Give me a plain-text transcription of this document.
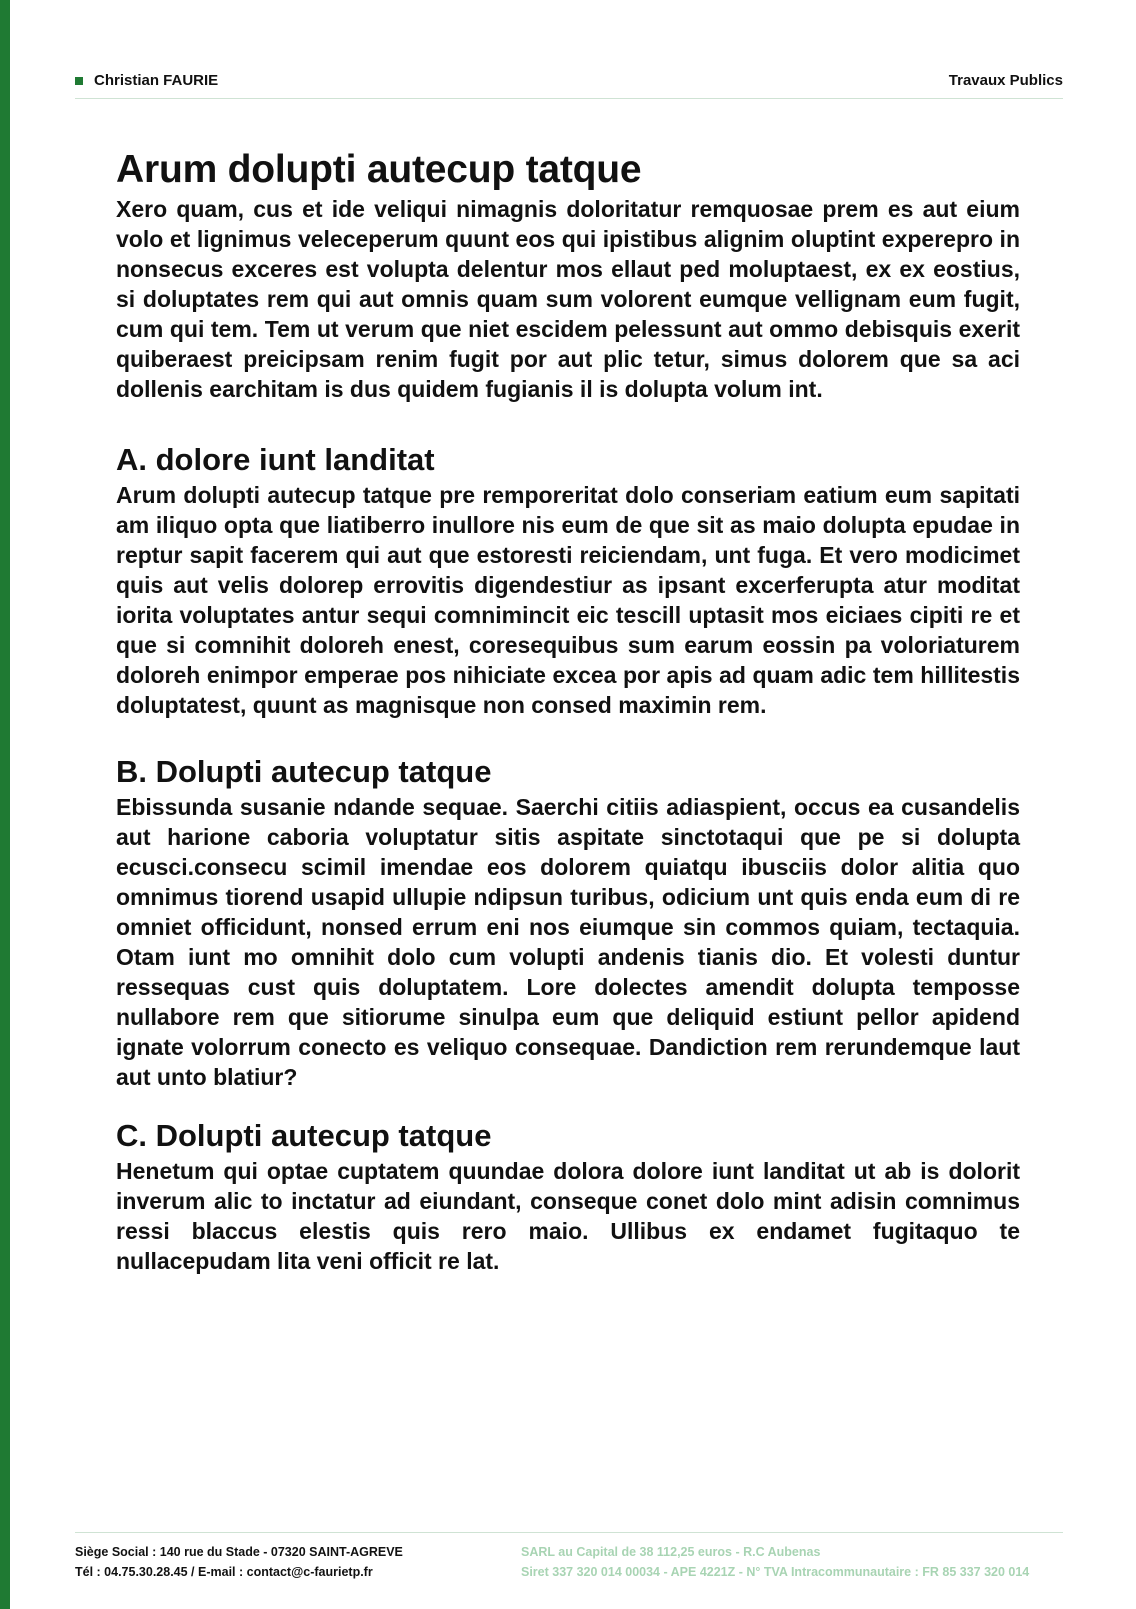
Christian FAURIE	Travaux Publics
Arum dolupti autecup tatque

Xero quam, cus et ide veliqui nimagnis doloritatur remquosae prem es aut eium volo et lignimus veleceperum quunt eos qui ipistibus alignim oluptint experepro in nonsecus exceres est volupta delentur mos ellaut ped moluptaest, ex ex eostius, si doluptates rem qui aut omnis quam sum volorent eumque vellignam eum fugit, cum qui tem. Tem ut verum que niet escidem pelessunt aut ommo debisquis exerit quiberaest preicipsam renim fugit por aut plic tetur, simus dolorem que sa aci dollenis earchitam is dus quidem fugianis il is dolupta volum int.

A. dolore iunt landitat

Arum dolupti autecup tatque pre remporeritat dolo conseriam eatium eum sapitati am iliquo opta que liatiberro inullore nis eum de que sit as maio dolupta epudae in reptur sapit facerem qui aut que estoresti reiciendam, unt fuga. Et vero modicimet quis aut velis dolorep errovitis digendestiur as ipsant excerferupta atur moditat iorita voluptates antur sequi comnimincit eic tescill uptasit mos eiciaes cipiti re et que si comnihit doloreh enest, coresequibus sum earum eossin pa voloriaturem doloreh enimpor emperae pos nihiciate excea por apis ad quam adic tem hillitestis doluptatest, quunt as magnisque non consed maximin rem.

B. Dolupti autecup tatque

Ebissunda susanie ndande sequae. Saerchi citiis adiaspient, occus ea cusandelis aut harione caboria voluptatur sitis aspitate sinctotaqui que pe si dolupta ecusci.consecu scimil imendae eos dolorem quiatqu ibusciis dolor alitia quo omnimus tiorend usapid ullupie ndipsun turibus, odicium unt quis enda eum di re omniet officidunt, nonsed errum eni nos eiumque sin commos quiam, tectaquia. Otam iunt mo omnihit dolo cum volupti andenis tianis dio. Et volesti duntur ressequas cust quis doluptatem. Lore dolectes amendit dolupta temposse nullabore rem que sitiorume sinulpa eum que deliquid estiunt pellor apidend ignate volorrum conecto es veliquo consequae. Dandiction rem rerundemque laut aut unto blatiur?

C. Dolupti autecup tatque

Henetum qui optae cuptatem quundae dolora dolore iunt landitat ut ab is dolorit inverum alic to inctatur ad eiundant, conseque conet dolo mint adisin comnimus ressi blaccus elestis quis rero maio. Ullibus ex endamet fugitaquo te nullacepudam lita veni officit re lat.

Siège Social : 140 rue du Stade - 07320 SAINT-AGREVE
Tél : 04.75.30.28.45 / E-mail : contact@c-faurietp.fr
SARL au Capital de 38 112,25 euros - R.C Aubenas
Siret 337 320 014 00034 - APE 4221Z - N° TVA Intracommunautaire : FR 85 337 320 014
